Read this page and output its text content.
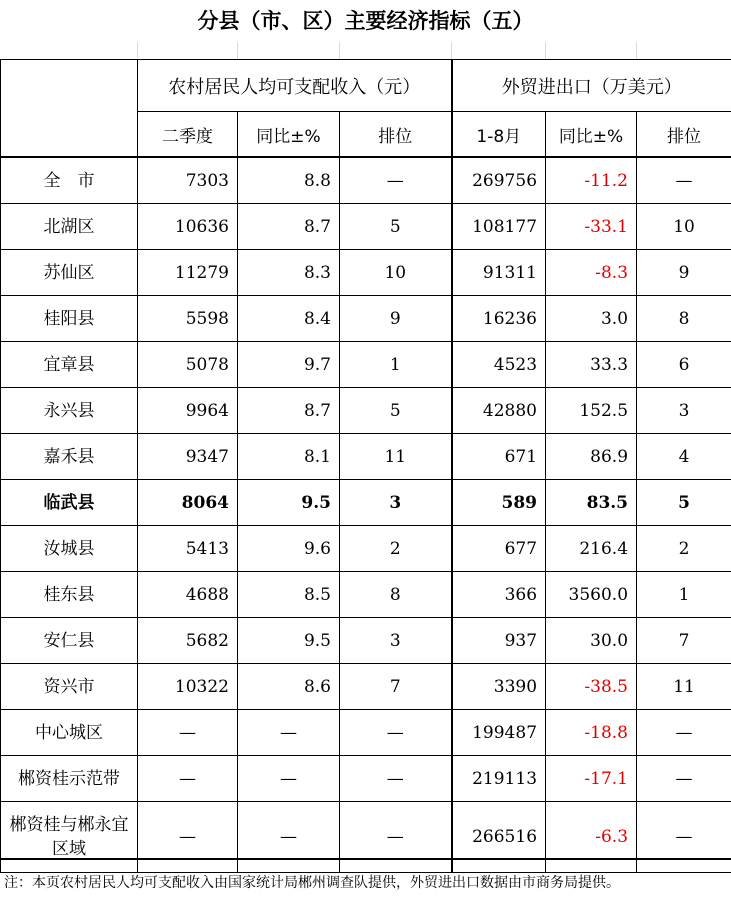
分县（市、区）主要经济指标（五）
	农村居民人均可支配收入（元）			外贸进出口（万美元）		
	二季度	同比±%	排位	1-8月	同比±%	排位
全　市	7303	8.8	—	269756	-11.2	—
北湖区	10636	8.7	5	108177	-33.1	10
苏仙区	11279	8.3	10	91311	-8.3	9
桂阳县	5598	8.4	9	16236	3.0	8
宜章县	5078	9.7	1	4523	33.3	6
永兴县	9964	8.7	5	42880	152.5	3
嘉禾县	9347	8.1	11	671	86.9	4
临武县	8064	9.5	3	589	83.5	5
汝城县	5413	9.6	2	677	216.4	2
桂东县	4688	8.5	8	366	3560.0	1
安仁县	5682	9.5	3	937	30.0	7
资兴市	10322	8.6	7	3390	-38.5	11
中心城区	—	—	—	199487	-18.8	—
郴资桂示范带	—	—	—	219113	-17.1	—
郴资桂与郴永宜区域	—	—	—	266516	-6.3	—
注：本页农村居民人均可支配收入由国家统计局郴州调查队提供，外贸进出口数据由市商务局提供。
